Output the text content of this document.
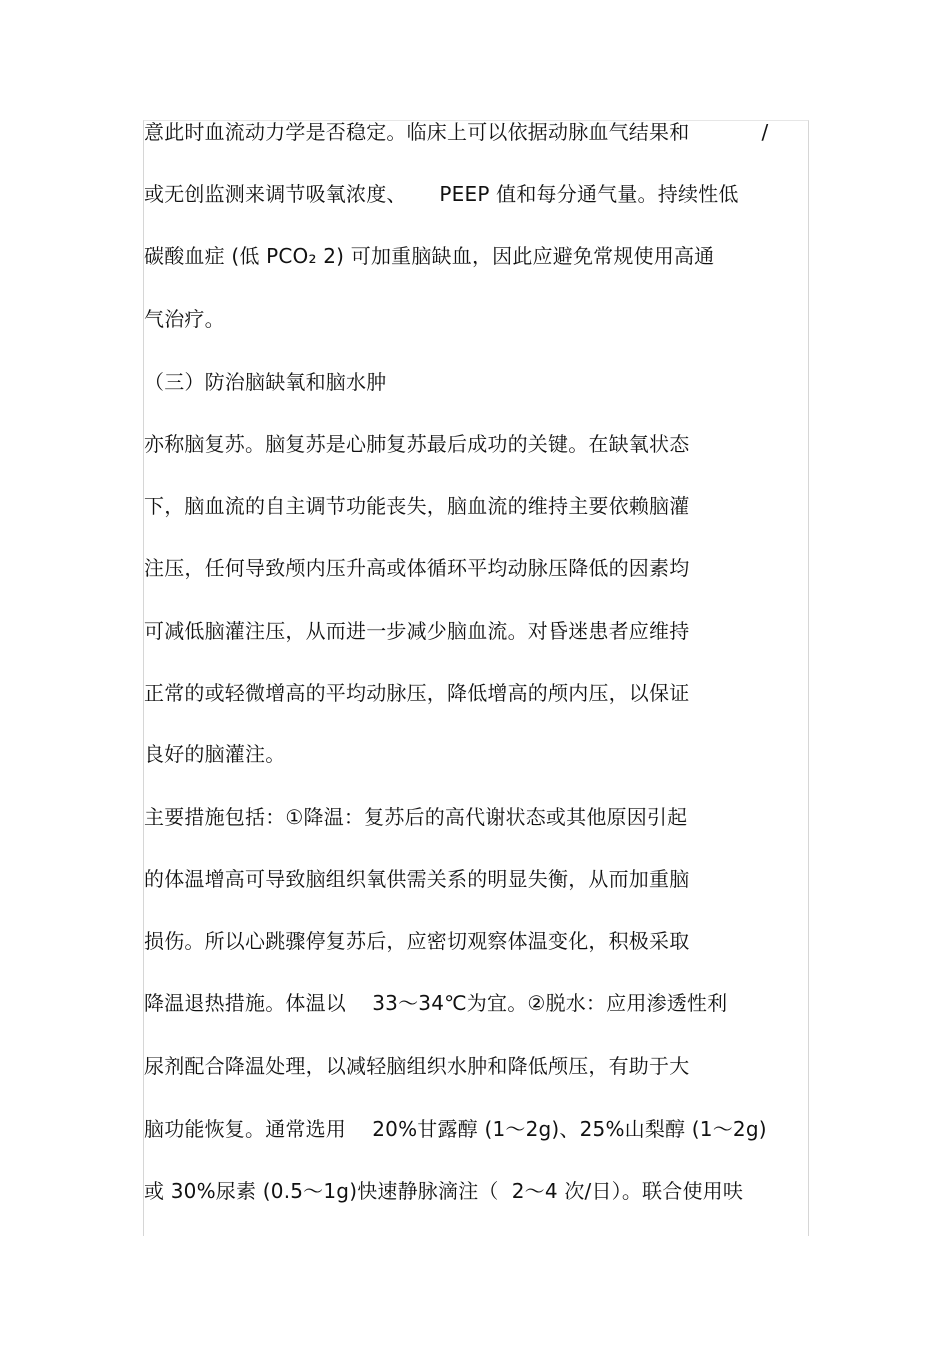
意此时血流动力学是否稳定。临床上可以依据动脉血气结果和           /
或无创监测来调节吸氧浓度、     PEEP 值和每分通气量。持续性低
碳酸血症 (低 PCO₂ 2) 可加重脑缺血，因此应避免常规使用高通
气治疗。
（三）防治脑缺氧和脑水肿
亦称脑复苏。脑复苏是心肺复苏最后成功的关键。在缺氧状态
下，脑血流的自主调节功能丧失，脑血流的维持主要依赖脑灌
注压，任何导致颅内压升高或体循环平均动脉压降低的因素均
可减低脑灌注压，从而进一步减少脑血流。对昏迷患者应维持
正常的或轻微增高的平均动脉压，降低增高的颅内压，以保证
良好的脑灌注。
主要措施包括：①降温：复苏后的高代谢状态或其他原因引起
的体温增高可导致脑组织氧供需关系的明显失衡，从而加重脑
损伤。所以心跳骤停复苏后，应密切观察体温变化，积极采取
降温退热措施。体温以    33～34℃为宜。②脱水：应用渗透性利
尿剂配合降温处理，以减轻脑组织水肿和降低颅压，有助于大
脑功能恢复。通常选用    20%甘露醇 (1～2g)、25%山梨醇 (1～2g)
或 30%尿素 (0.5～1g)快速静脉滴注（  2～4 次/日）。联合使用呋
